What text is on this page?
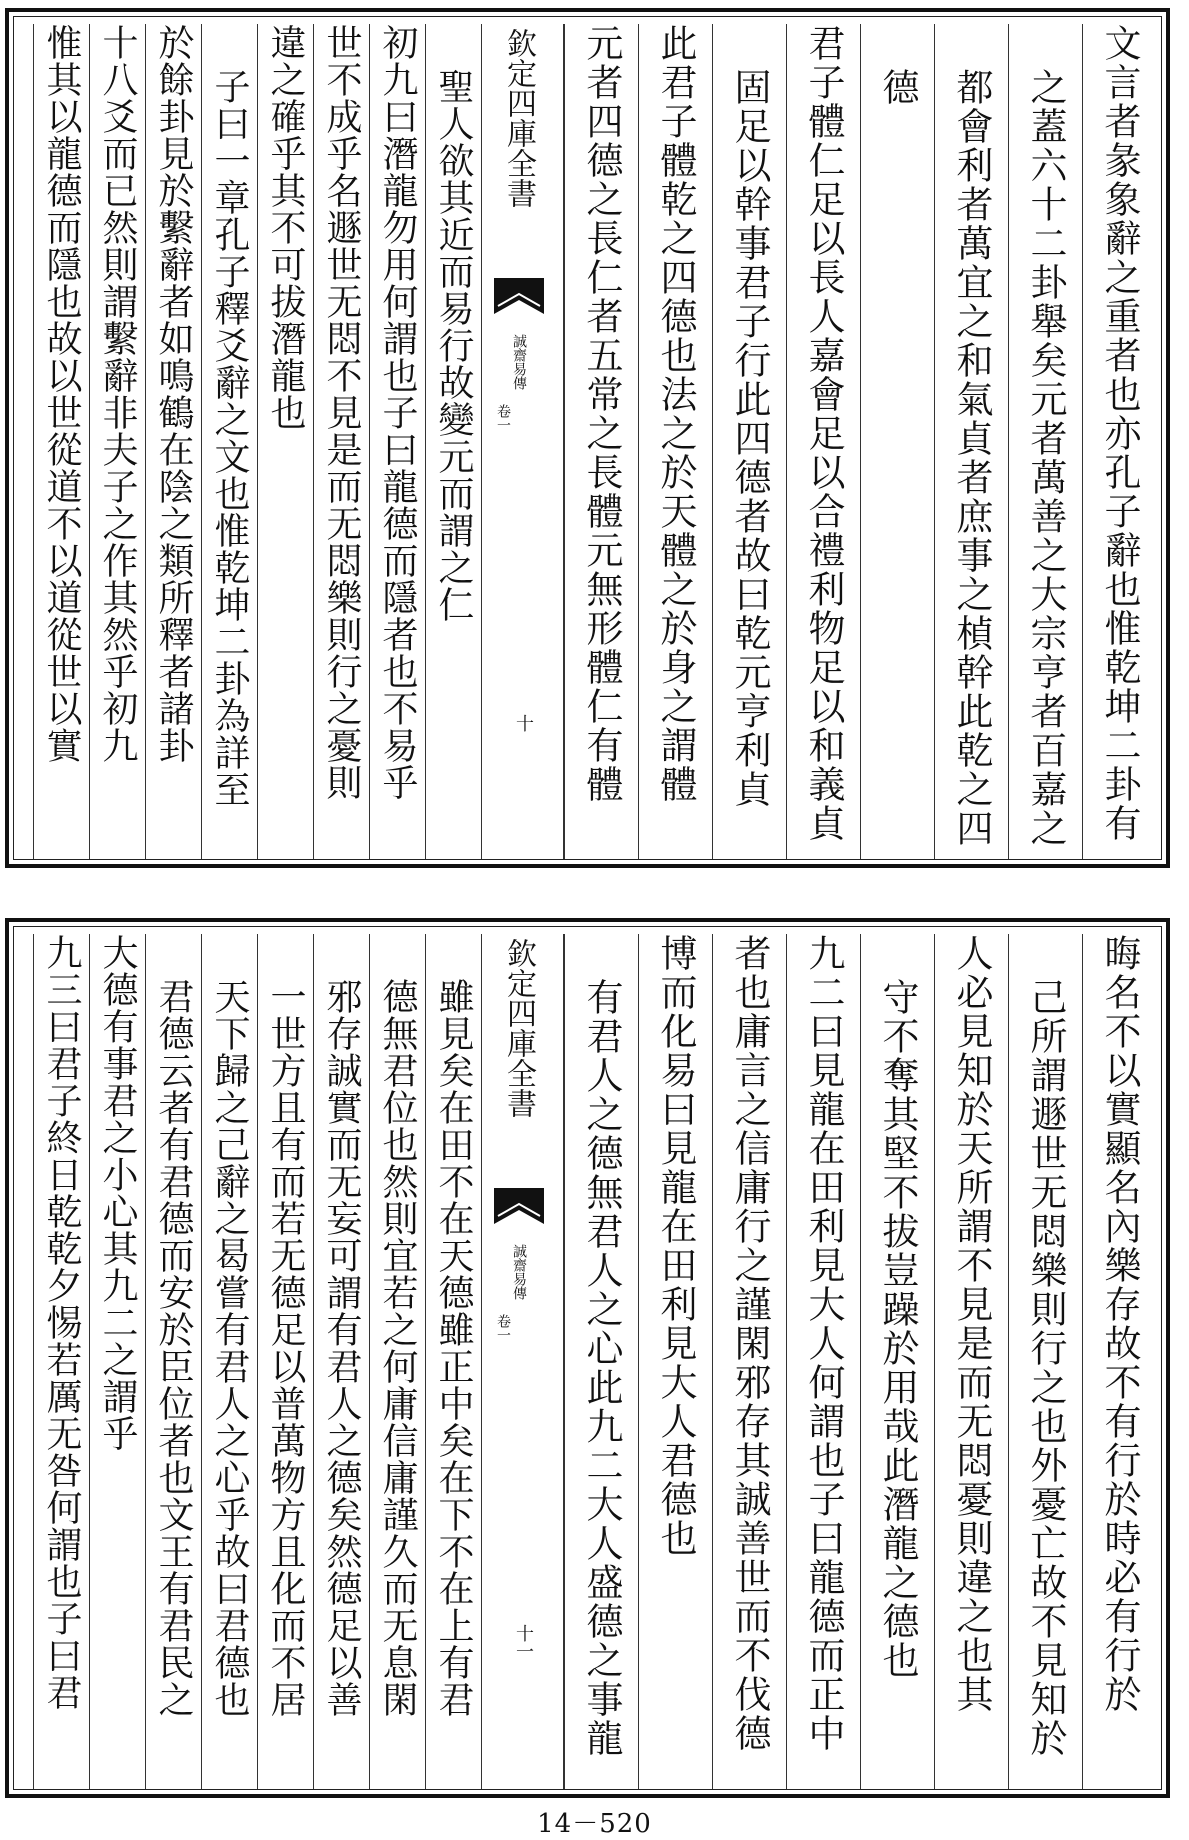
文言者彖象辭之重者也亦孔子辭也惟乾坤二卦有
之蓋六十二卦舉矣元者萬善之大宗亨者百嘉之
都會利者萬宜之和氣貞者庶事之楨幹此乾之四
德
君子體仁足以長人嘉會足以合禮利物足以和義貞
固足以幹事君子行此四德者故曰乾元亨利貞
此君子體乾之四德也法之於天體之於身之謂體
元者四德之長仁者五常之長體元無形體仁有體
欽定四庫全書
誠齋易傳
卷一
十
聖人欲其近而易行故變元而謂之仁
初九曰潛龍勿用何謂也子曰龍德而隱者也不易乎
世不成乎名遯世无悶不見是而无悶樂則行之憂則
違之確乎其不可拔潛龍也
子曰一章孔子釋爻辭之文也惟乾坤二卦為詳至
於餘卦見於繫辭者如鳴鶴在陰之類所釋者諸卦
十八爻而已然則謂繫辭非夫子之作其然乎初九
惟其以龍德而隱也故以世從道不以道從世以實
晦名不以實顯名內樂存故不有行於時必有行於
己所謂遯世无悶樂則行之也外憂亡故不見知於
人必見知於天所謂不見是而无悶憂則違之也其
守不奪其堅不拔豈躁於用哉此潛龍之德也
九二曰見龍在田利見大人何謂也子曰龍德而正中
者也庸言之信庸行之謹閑邪存其誠善世而不伐德
博而化易曰見龍在田利見大人君德也
有君人之德無君人之心此九二大人盛德之事龍
欽定四庫全書
誠齋易傳
卷一
十一
雖見矣在田不在天德雖正中矣在下不在上有君
德無君位也然則宜若之何庸信庸謹久而无息閑
邪存誠實而无妄可謂有君人之德矣然德足以善
一世方且有而若无德足以普萬物方且化而不居
天下歸之己辭之曷嘗有君人之心乎故曰君德也
君德云者有君德而安於臣位者也文王有君民之
大德有事君之小心其九二之謂乎
九三曰君子終日乾乾夕惕若厲无咎何謂也子曰君
14－520
